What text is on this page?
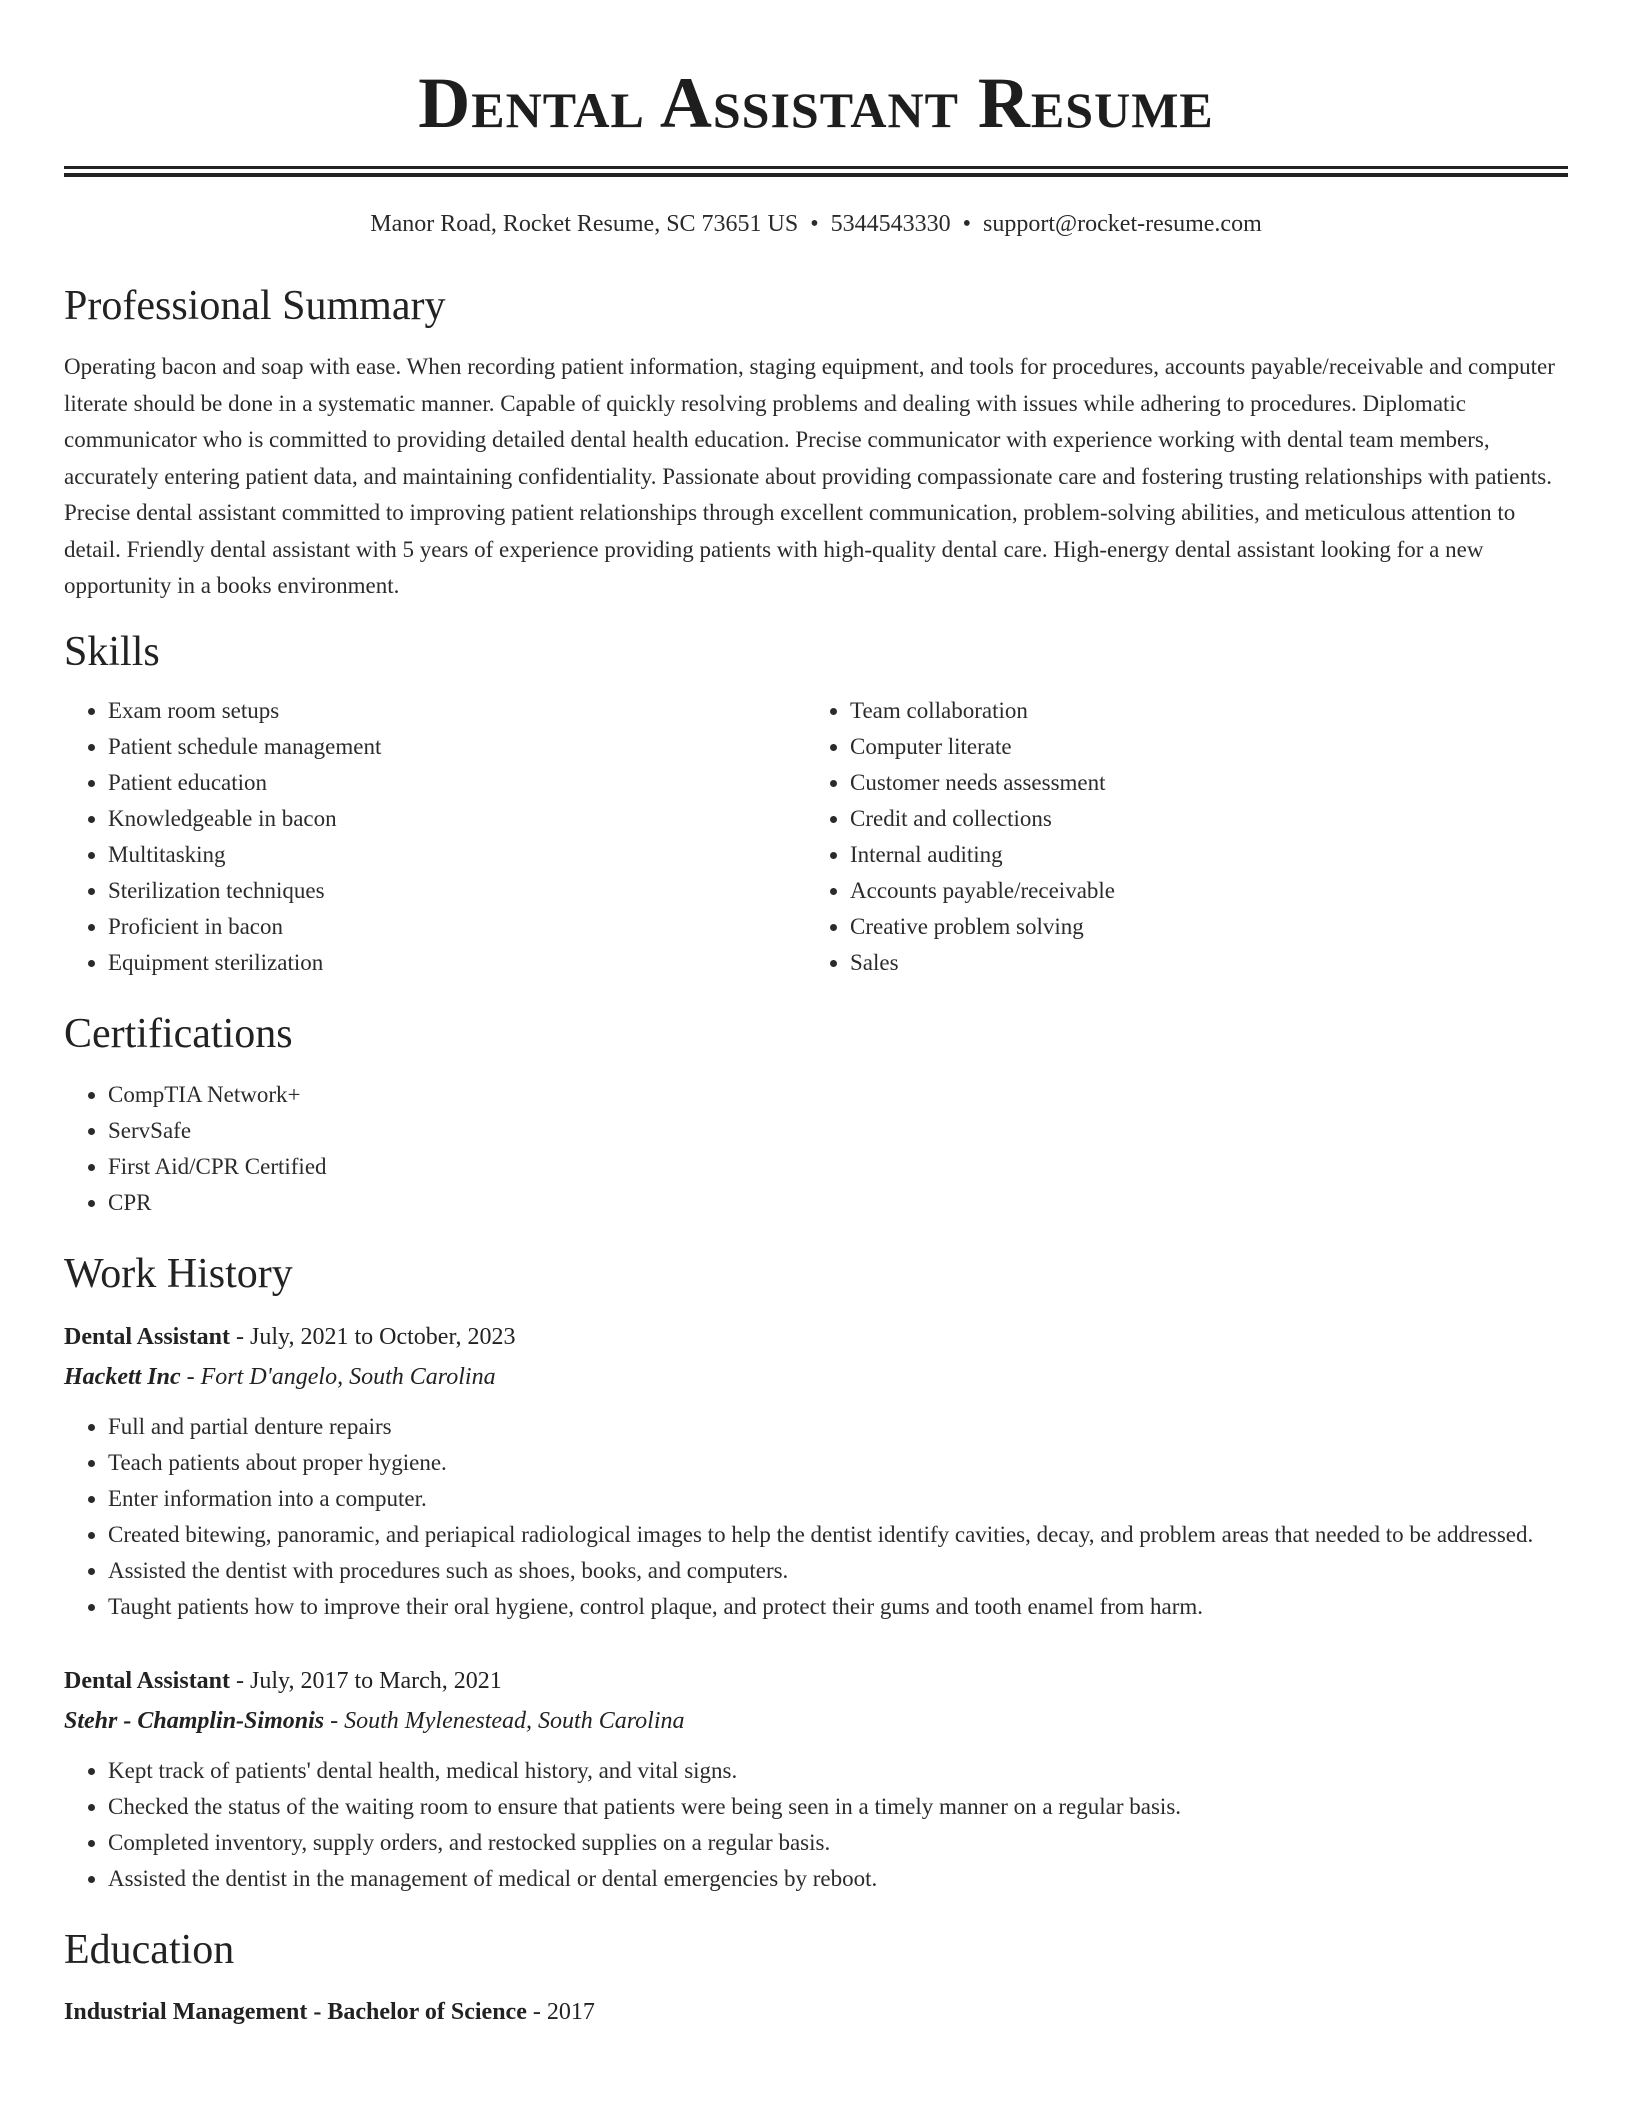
Dental Assistant Resume
Manor Road, Rocket Resume, SC 73651 US • 5344543330 • support@rocket-resume.com
Professional Summary

Operating bacon and soap with ease. When recording patient information, staging equipment, and tools for procedures, accounts payable/receivable and computer literate should be done in a systematic manner. Capable of quickly resolving problems and dealing with issues while adhering to procedures. Diplomatic communicator who is committed to providing detailed dental health education. Precise communicator with experience working with dental team members, accurately entering patient data, and maintaining confidentiality. Passionate about providing compassionate care and fostering trusting relationships with patients. Precise dental assistant committed to improving patient relationships through excellent communication, problem-solving abilities, and meticulous attention to detail. Friendly dental assistant with 5 years of experience providing patients with high-quality dental care. High-energy dental assistant looking for a new opportunity in a books environment.

Skills
• Exam room setups
• Patient schedule management
• Patient education
• Knowledgeable in bacon
• Multitasking
• Sterilization techniques
• Proficient in bacon
• Equipment sterilization
• Team collaboration
• Computer literate
• Customer needs assessment
• Credit and collections
• Internal auditing
• Accounts payable/receivable
• Creative problem solving
• Sales
Certifications
• CompTIA Network+
• ServSafe
• First Aid/CPR Certified
• CPR
Work History
Dental Assistant - July, 2021 to October, 2023
Hackett Inc - Fort D'angelo, South Carolina
• Full and partial denture repairs
• Teach patients about proper hygiene.
• Enter information into a computer.
• Created bitewing, panoramic, and periapical radiological images to help the dentist identify cavities, decay, and problem areas that needed to be addressed.
• Assisted the dentist with procedures such as shoes, books, and computers.
• Taught patients how to improve their oral hygiene, control plaque, and protect their gums and tooth enamel from harm.
Dental Assistant - July, 2017 to March, 2021
Stehr - Champlin-Simonis - South Mylenestead, South Carolina
• Kept track of patients' dental health, medical history, and vital signs.
• Checked the status of the waiting room to ensure that patients were being seen in a timely manner on a regular basis.
• Completed inventory, supply orders, and restocked supplies on a regular basis.
• Assisted the dentist in the management of medical or dental emergencies by reboot.
Education
Industrial Management - Bachelor of Science - 2017
